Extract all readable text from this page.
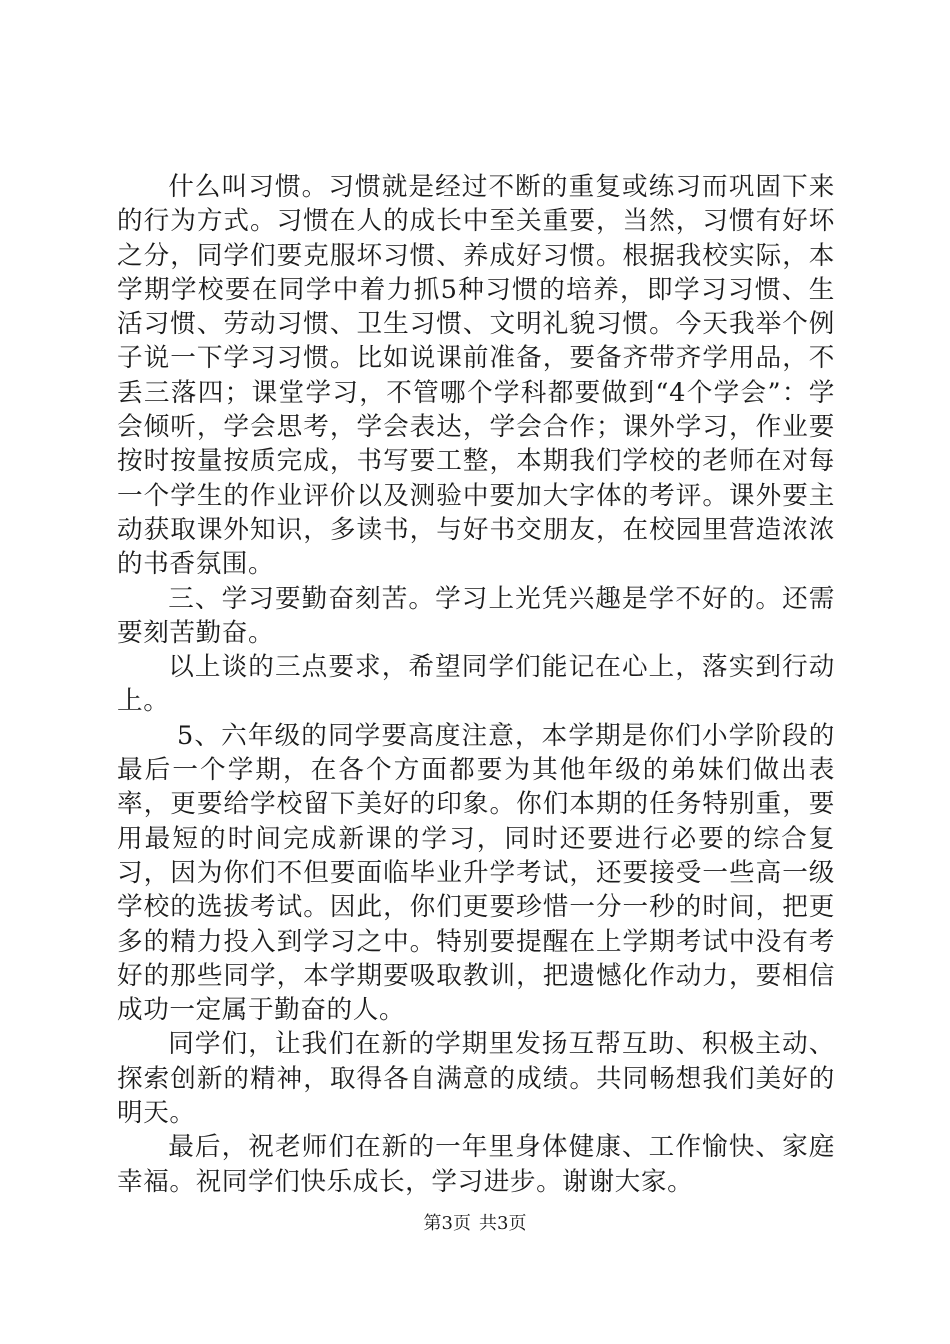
什么叫习惯。习惯就是经过不断的重复或练习而巩固下来的行为方式。习惯在人的成长中至关重要，当然，习惯有好坏之分，同学们要克服坏习惯、养成好习惯。根据我校实际，本学期学校要在同学中着力抓5种习惯的培养，即学习习惯、生活习惯、劳动习惯、卫生习惯、文明礼貌习惯。今天我举个例子说一下学习习惯。比如说课前准备，要备齐带齐学用品，不丢三落四；课堂学习，不管哪个学科都要做到“4个学会”：学会倾听，学会思考，学会表达，学会合作；课外学习，作业要按时按量按质完成，书写要工整，本期我们学校的老师在对每一个学生的作业评价以及测验中要加大字体的考评。课外要主动获取课外知识，多读书，与好书交朋友，在校园里营造浓浓的书香氛围。

三、学习要勤奋刻苦。学习上光凭兴趣是学不好的。还需要刻苦勤奋。

以上谈的三点要求，希望同学们能记在心上，落实到行动上。

5、六年级的同学要高度注意，本学期是你们小学阶段的最后一个学期，在各个方面都要为其他年级的弟妹们做出表率，更要给学校留下美好的印象。你们本期的任务特别重，要用最短的时间完成新课的学习，同时还要进行必要的综合复习，因为你们不但要面临毕业升学考试，还要接受一些高一级学校的选拔考试。因此，你们更要珍惜一分一秒的时间，把更多的精力投入到学习之中。特别要提醒在上学期考试中没有考好的那些同学，本学期要吸取教训，把遗憾化作动力，要相信成功一定属于勤奋的人。

同学们，让我们在新的学期里发扬互帮互助、积极主动、探索创新的精神，取得各自满意的成绩。共同畅想我们美好的明天。

最后，祝老师们在新的一年里身体健康、工作愉快、家庭幸福。祝同学们快乐成长，学习进步。谢谢大家。

第3页 共3页
